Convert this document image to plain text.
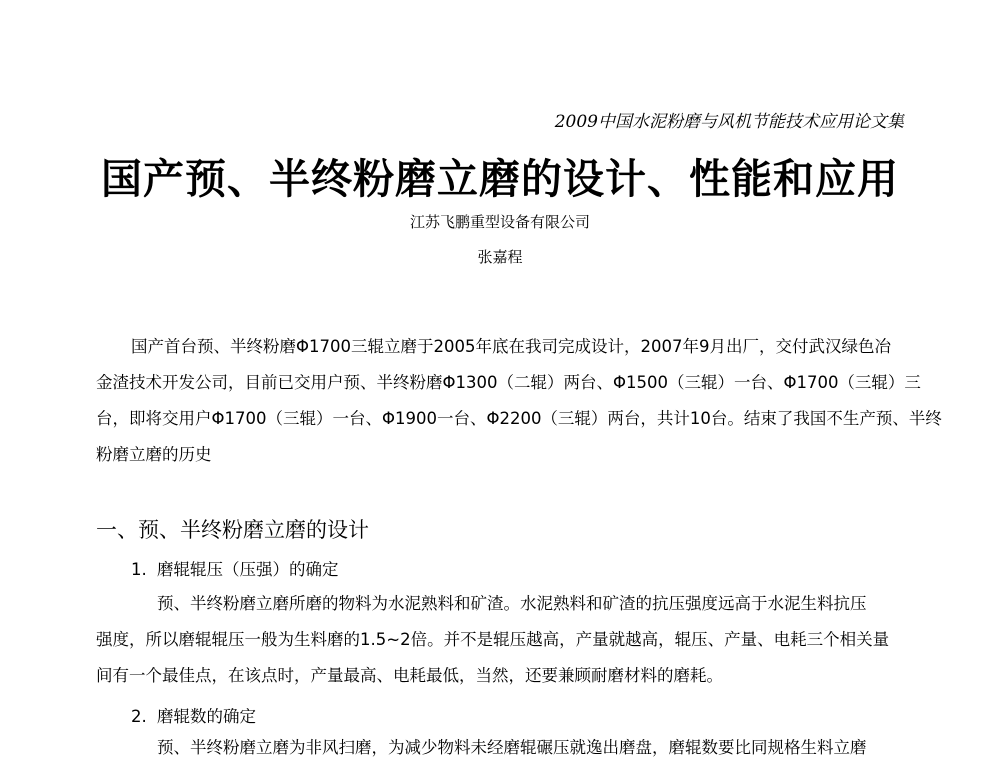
2009中国水泥粉磨与风机节能技术应用论文集
国产预、半终粉磨立磨的设计、性能和应用
江苏飞鹏重型设备有限公司
张嘉程
国产首台预、半终粉磨Φ1700三辊立磨于2005年底在我司完成设计，2007年9月出厂，交付武汉绿色冶
金渣技术开发公司，目前已交用户预、半终粉磨Φ1300（二辊）两台、Φ1500（三辊）一台、Φ1700（三辊）三
台，即将交用户Φ1700（三辊）一台、Φ1900一台、Φ2200（三辊）两台，共计10台。结束了我国不生产预、半终
粉磨立磨的历史
一、预、半终粉磨立磨的设计
1. 磨辊辊压（压强）的确定
预、半终粉磨立磨所磨的物料为水泥熟料和矿渣。水泥熟料和矿渣的抗压强度远高于水泥生料抗压
强度，所以磨辊辊压一般为生料磨的1.5~2倍。并不是辊压越高，产量就越高，辊压、产量、电耗三个相关量
间有一个最佳点，在该点时，产量最高、电耗最低，当然，还要兼顾耐磨材料的磨耗。
2. 磨辊数的确定
预、半终粉磨立磨为非风扫磨，为减少物料未经磨辊碾压就逸出磨盘，磨辊数要比同规格生料立磨
